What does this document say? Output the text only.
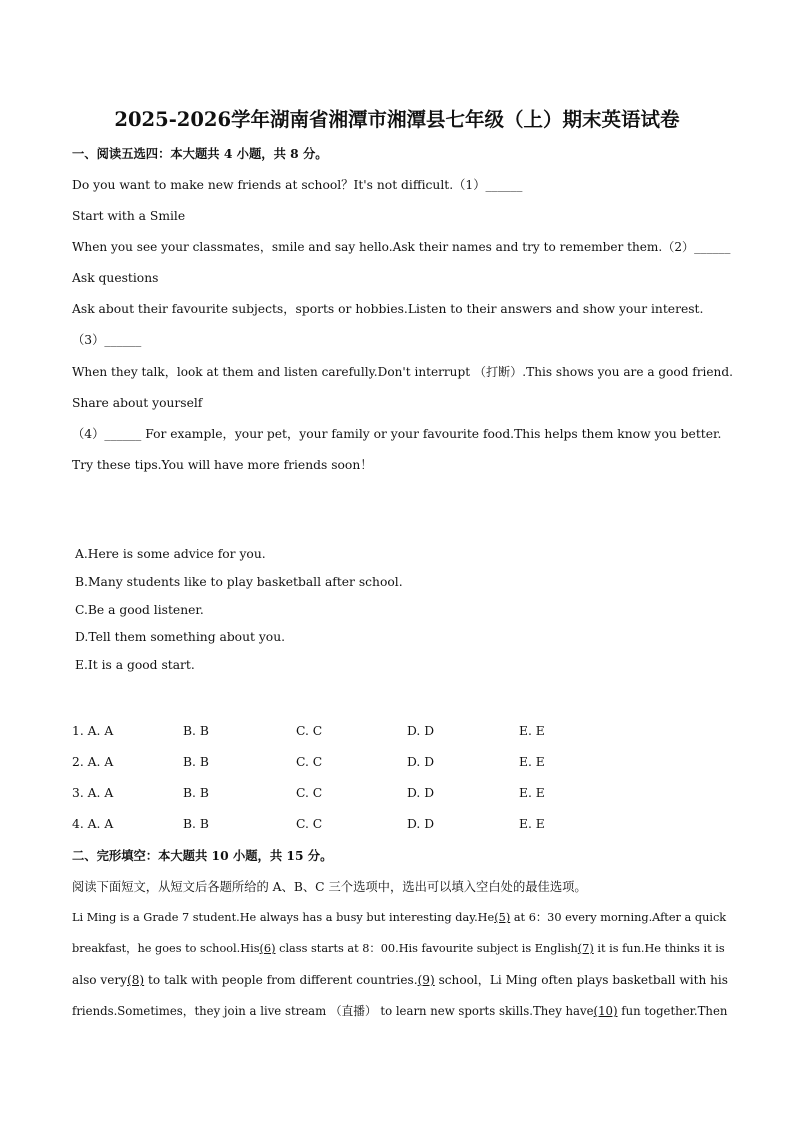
2025-2026学年湖南省湘潭市湘潭县七年级（上）期末英语试卷
一、阅读五选四：本大题共 4 小题，共 8 分。
Do you want to make new friends at school？It's not difficult.（1）______
Start with a Smile
When you see your classmates，smile and say hello.Ask their names and try to remember them.（2）______
Ask questions
Ask about their favourite subjects，sports or hobbies.Listen to their answers and show your interest.
（3）______
When they talk，look at them and listen carefully.Don't interrupt （打断）.This shows you are a good friend.
Share about yourself
（4）______ For example，your pet，your family or your favourite food.This helps them know you better.
Try these tips.You will have more friends soon！
A.Here is some advice for you.
B.Many students like to play basketball after school.
C.Be a good listener.
D.Tell them something about you.
E.It is a good start.
1. A. A	B. B	C. C	D. D	E. E
2. A. A	B. B	C. C	D. D	E. E
3. A. A	B. B	C. C	D. D	E. E
4. A. A	B. B	C. C	D. D	E. E
二、完形填空：本大题共 10 小题，共 15 分。
阅读下面短文，从短文后各题所给的 A、B、C 三个选项中，选出可以填入空白处的最佳选项。
Li Ming is a Grade 7 student.He always has a busy but interesting day.He(5) at 6：30 every morning.After a quick
breakfast，he goes to school.His(6) class starts at 8：00.His favourite subject is English(7) it is fun.He thinks it is
also very(8) to talk with people from different countries.(9) school，Li Ming often plays basketball with his
friends.Sometimes，they join a live stream （直播） to learn new sports skills.They have(10) fun together.Then
